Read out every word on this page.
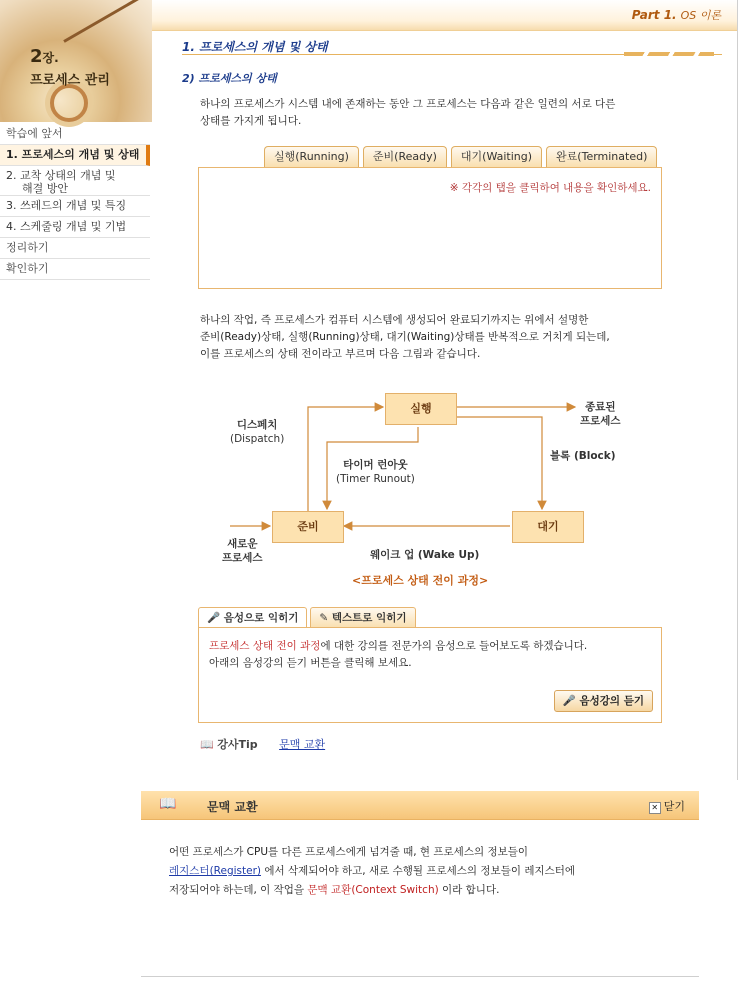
Part 1. OS 이론
2장.
프로세스 관리
학습에 앞서
1. 프로세스의 개념 및 상태
2. 교착 상태의 개념 및
해결 방안
3. 쓰레드의 개념 및 특징
4. 스케줄링 개념 및 기법
정리하기
확인하기
1. 프로세스의 개념 및 상태
2) 프로세스의 상태
하나의 프로세스가 시스템 내에 존재하는 동안 그 프로세스는 다음과 같은 일련의 서로 다른
상태를 가지게 됩니다.
실행(Running)	준비(Ready)	대기(Waiting)	완료(Terminated)
※ 각각의 탭을 클릭하여 내용을 확인하세요.
하나의 작업, 즉 프로세스가 컴퓨터 시스템에 생성되어 완료되기까지는 위에서 설명한
준비(Ready)상태, 실행(Running)상태, 대기(Waiting)상태를 반복적으로 거치게 되는데,
이를 프로세스의 상태 전이라고 부르며 다음 그림과 같습니다.
실행
준비	대기
디스페치
(Dispatch)
타이머 런아웃
(Timer Runout)
종료된
프로세스
블록 (Block)
새로운
프로세스	웨이크 업 (Wake Up)
<프로세스 상태 전이 과정>
🎤 음성으로 익히기	✎ 텍스트로 익히기
프로세스 상태 전이 과정에 대한 강의를 전문가의 음성으로 들어보도록 하겠습니다.
아래의 음성강의 듣기 버튼을 클릭해 보세요.
🎤 음성강의 듣기
📖 강사Tip 문맥 교환
📖	문맥 교환	✕ 닫기
어떤 프로세스가 CPU를 다른 프로세스에게 넘겨줄 때, 현 프로세스의 정보들이
레지스터(Register) 에서 삭제되어야 하고, 새로 수행될 프로세스의 정보들이 레지스터에
저장되어야 하는데, 이 작업을 문맥 교환(Context Switch) 이라 합니다.
